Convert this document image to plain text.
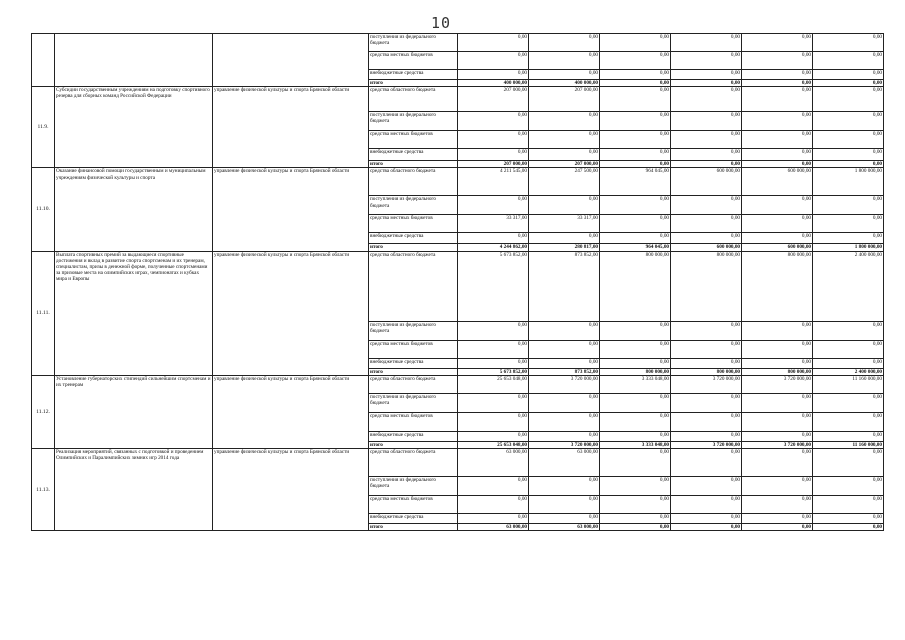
10
			поступления из федерального бюджета	0,00	0,00	0,00	0,00	0,00	0,00
			средства местных бюджетов	0,00	0,00	0,00	0,00	0,00	0,00
			внебюджетные средства	0,00	0,00	0,00	0,00	0,00	0,00
			итого	400 000,00	400 000,00	0,00	0,00	0,00	0,00
11.9.	Субсидии государственным учреждениям на подготовку спортивного резерва для сборных команд Российской Федерации	управление физической культуры и спорта Брянской области	средства областного бюджета	207 000,00	207 000,00	0,00	0,00	0,00	0,00
			поступления из федерального бюджета	0,00	0,00	0,00	0,00	0,00	0,00
			средства местных бюджетов	0,00	0,00	0,00	0,00	0,00	0,00
			внебюджетные средства	0,00	0,00	0,00	0,00	0,00	0,00
			итого	207 000,00	207 000,00	0,00	0,00	0,00	0,00
11.10.	Оказание финансовой помощи государственным и муниципальным учреждениям физической культуры и спорта	управление физической культуры и спорта Брянской области	средства областного бюджета	4 211 545,00	247 500,00	964 045,00	600 000,00	600 000,00	1 800 000,00
			поступления из федерального бюджета	0,00	0,00	0,00	0,00	0,00	0,00
			средства местных бюджетов	33 317,00	33 317,00	0,00	0,00	0,00	0,00
			внебюджетные средства	0,00	0,00	0,00	0,00	0,00	0,00
			итого	4 244 862,00	280 817,00	964 045,00	600 000,00	600 000,00	1 800 000,00
11.11.	Выплата спортивных премий за выдающиеся спортивные достижения и вклад в развитие спорта спортсменам и их тренерам, специалистам, призы в денежной форме, полученные спортсменами за призовые места на олимпийских играх, чемпионатах и кубках мира и Европы	управление физической культуры и спорта Брянской области	средства областного бюджета	5 673 852,00	873 852,00	800 000,00	800 000,00	800 000,00	2 400 000,00
			поступления из федерального бюджета	0,00	0,00	0,00	0,00	0,00	0,00
			средства местных бюджетов	0,00	0,00	0,00	0,00	0,00	0,00
			внебюджетные средства	0,00	0,00	0,00	0,00	0,00	0,00
			итого	5 673 852,00	873 852,00	800 000,00	800 000,00	800 000,00	2 400 000,00
11.12.	Установление губернаторских стипендий сильнейшим спортсменам и их тренерам	управление физической культуры и спорта Брянской области	средства областного бюджета	25 653 048,00	3 720 000,00	3 333 048,00	3 720 000,00	3 720 000,00	11 160 000,00
			поступления из федерального бюджета	0,00	0,00	0,00	0,00	0,00	0,00
			средства местных бюджетов	0,00	0,00	0,00	0,00	0,00	0,00
			внебюджетные средства	0,00	0,00	0,00	0,00	0,00	0,00
			итого	25 653 048,00	3 720 000,00	3 333 048,00	3 720 000,00	3 720 000,00	11 160 000,00
11.13.	Реализация мероприятий, связанных с подготовкой и проведением Олимпийских и Паралимпийских зимних игр 2014 года	управление физической культуры и спорта Брянской области	средства областного бюджета	63 000,00	63 000,00	0,00	0,00	0,00	0,00
			поступления из федерального бюджета	0,00	0,00	0,00	0,00	0,00	0,00
			средства местных бюджетов	0,00	0,00	0,00	0,00	0,00	0,00
			внебюджетные средства	0,00	0,00	0,00	0,00	0,00	0,00
			итого	63 000,00	63 000,00	0,00	0,00	0,00	0,00
